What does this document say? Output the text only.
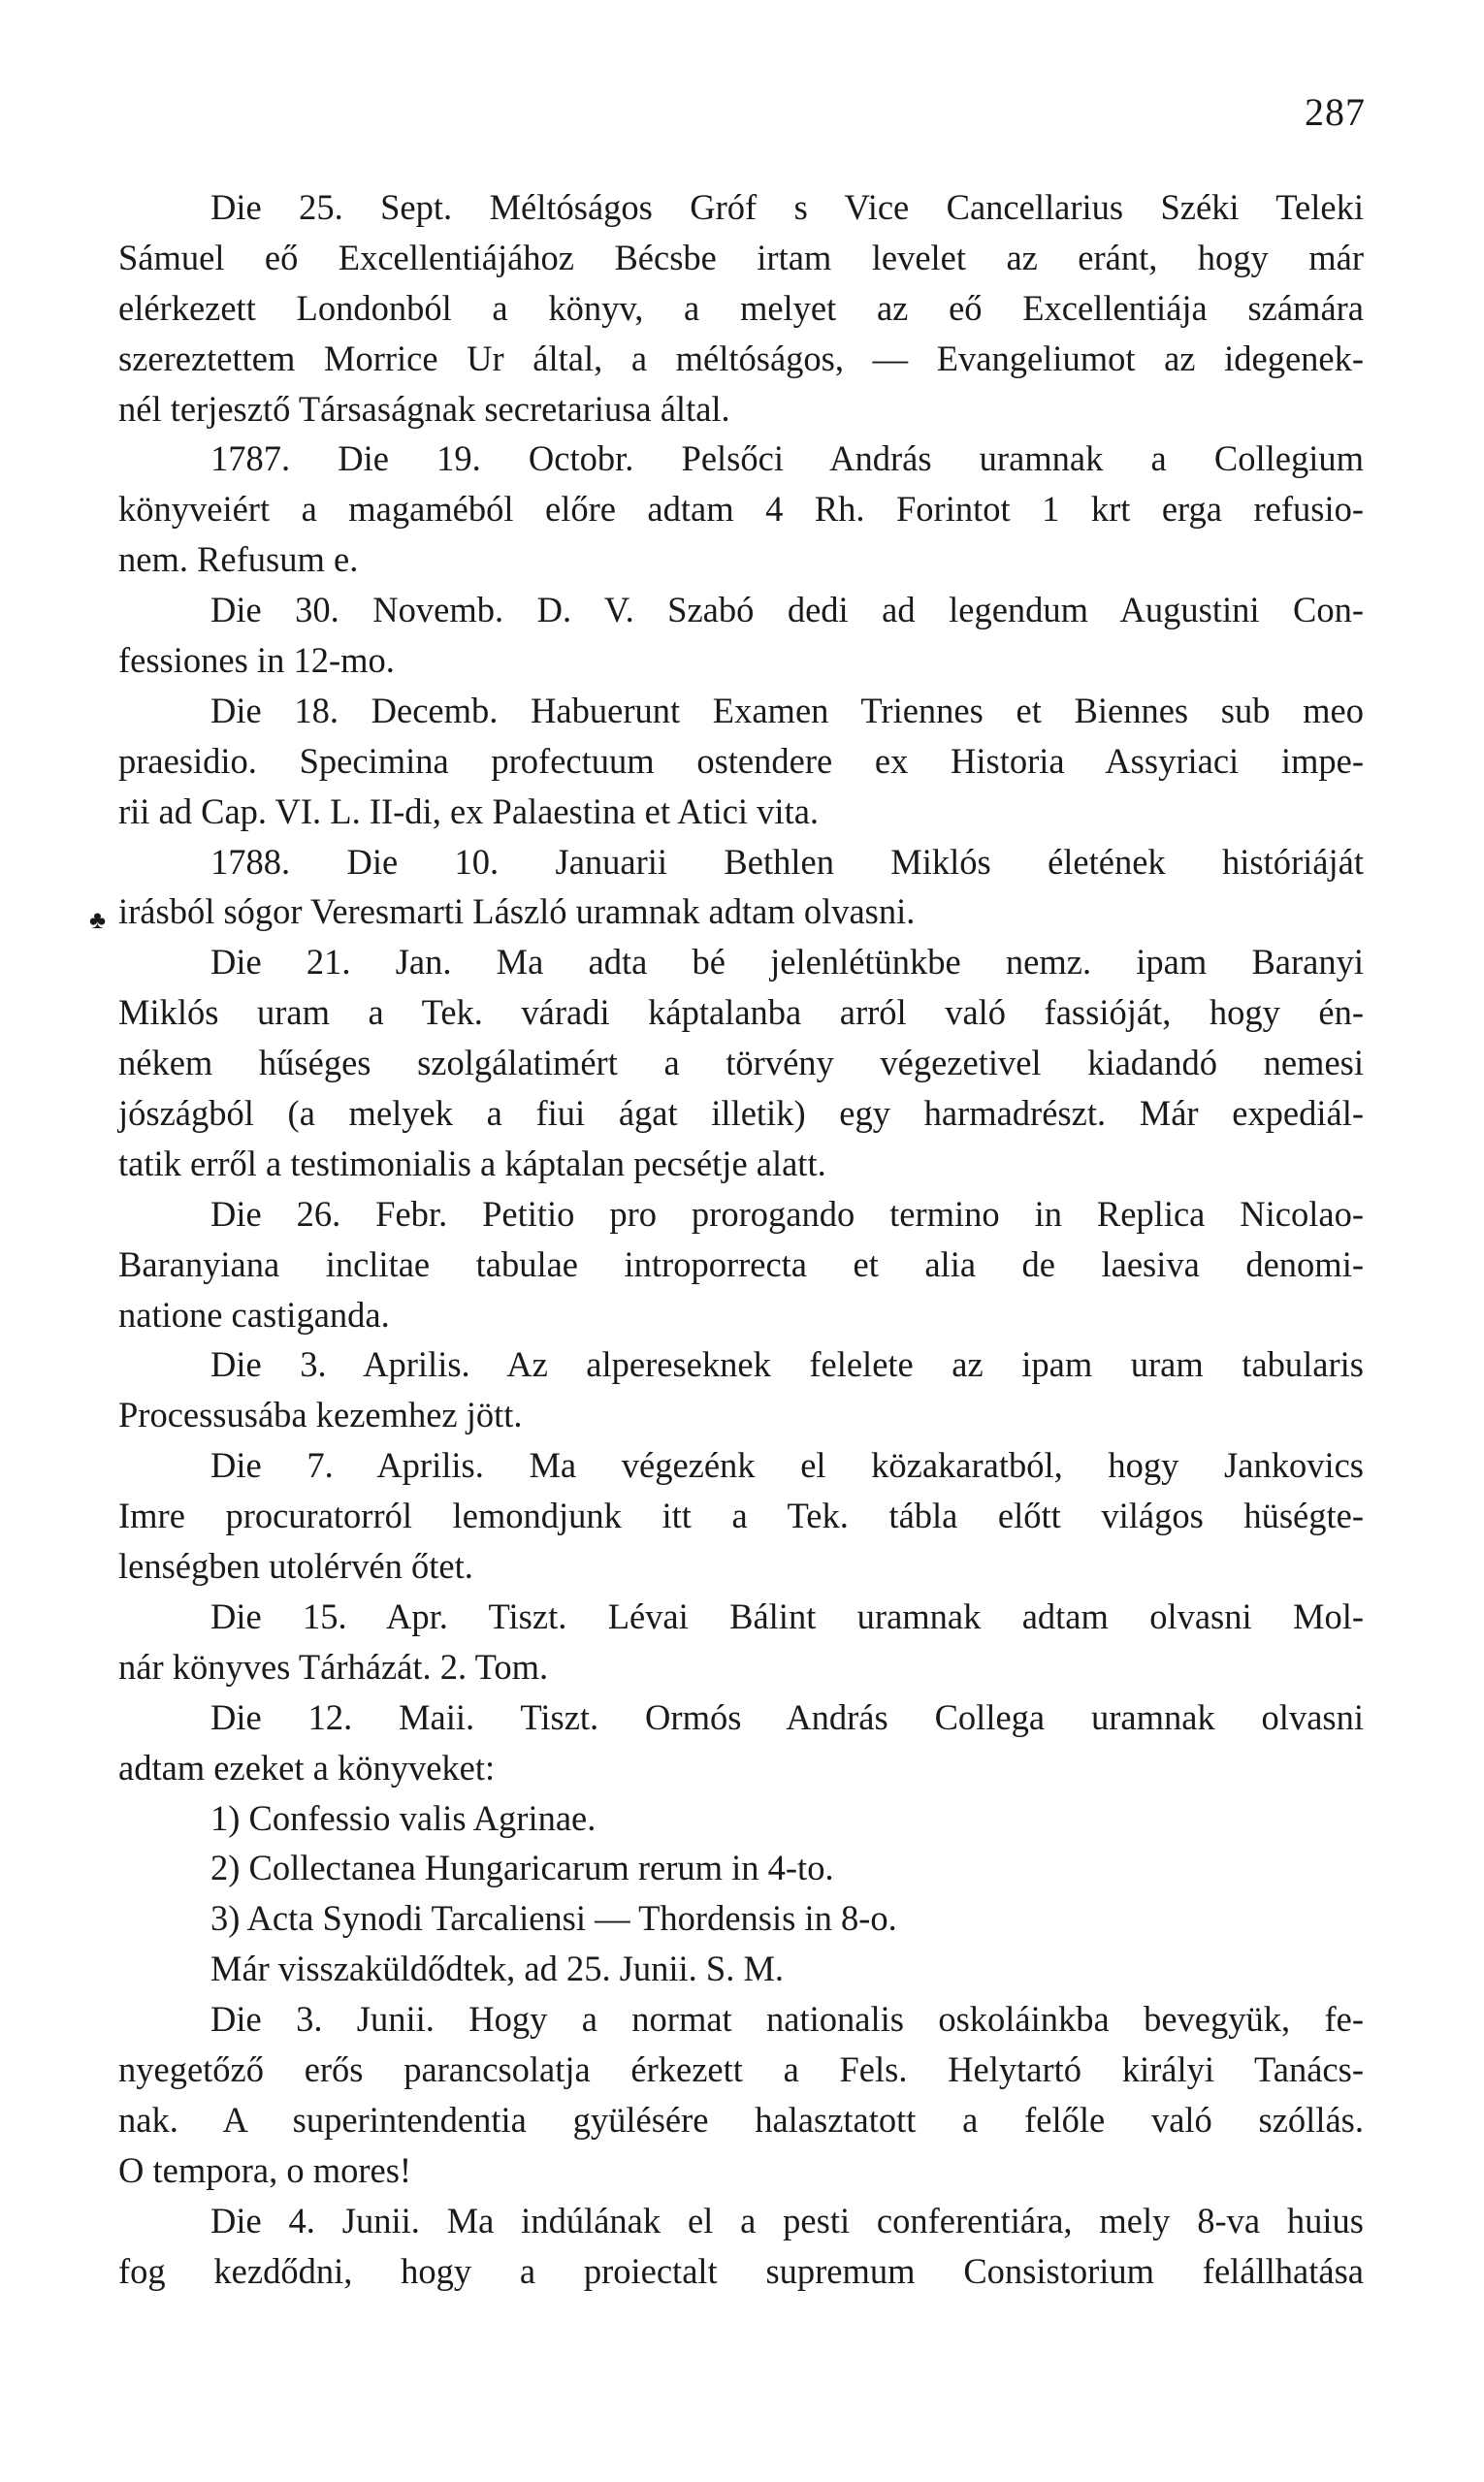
287
Die 25. Sept. Méltóságos Gróf s Vice Cancellarius Széki Teleki
Sámuel eő Excellentiájához Bécsbe irtam levelet az eránt, hogy már
elérkezett Londonból a könyv, a melyet az eő Excellentiája számára
szereztettem Morrice Ur által, a méltóságos, — Evangeliumot az idegenek-
nél terjesztő Társaságnak secretariusa által.
1787. Die 19. Octobr. Pelsőci András uramnak a Collegium
könyveiért a magaméból előre adtam 4 Rh. Forintot 1 krt erga refusio-
nem. Refusum e.
Die 30. Novemb. D. V. Szabó dedi ad legendum Augustini Con-
fessiones in 12-mo.
Die 18. Decemb. Habuerunt Examen Triennes et Biennes sub meo
praesidio. Specimina profectuum ostendere ex Historia Assyriaci impe-
rii ad Cap. VI. L. II-di, ex Palaestina et Atici vita.
1788. Die 10. Januarii Bethlen Miklós életének históriáját
irásból sógor Veresmarti László uramnak adtam olvasni.
♣
Die 21. Jan. Ma adta bé jelenlétünkbe nemz. ipam Baranyi
Miklós uram a Tek. váradi káptalanba arról való fassióját, hogy én-
nékem hűséges szolgálatimért a törvény végezetivel kiadandó nemesi
jószágból (a melyek a fiui ágat illetik) egy harmadrészt. Már expediál-
tatik erről a testimonialis a káptalan pecsétje alatt.
Die 26. Febr. Petitio pro prorogando termino in Replica Nicolao-
Baranyiana inclitae tabulae introporrecta et alia de laesiva denomi-
natione castiganda.
Die 3. Aprilis. Az alpereseknek felelete az ipam uram tabularis
Processusába kezemhez jött.
Die 7. Aprilis. Ma végezénk el közakaratból, hogy Jankovics
Imre procuratorról lemondjunk itt a Tek. tábla előtt világos hüségte-
lenségben utolérvén őtet.
Die 15. Apr. Tiszt. Lévai Bálint uramnak adtam olvasni Mol-
nár könyves Tárházát. 2. Tom.
Die 12. Maii. Tiszt. Ormós András Collega uramnak olvasni
adtam ezeket a könyveket:
1) Confessio valis Agrinae.
2) Collectanea Hungaricarum rerum in 4-to.
3) Acta Synodi Tarcaliensi — Thordensis in 8-o.
Már visszaküldődtek, ad 25. Junii. S. M.
Die 3. Junii. Hogy a normat nationalis oskoláinkba bevegyük, fe-
nyegetőző erős parancsolatja érkezett a Fels. Helytartó királyi Tanács-
nak. A superintendentia gyülésére halasztatott a felőle való szóllás.
O tempora, o mores!
Die 4. Junii. Ma indúlának el a pesti conferentiára, mely 8-va huius
fog kezdődni, hogy a proiectalt supremum Consistorium felállhatása
